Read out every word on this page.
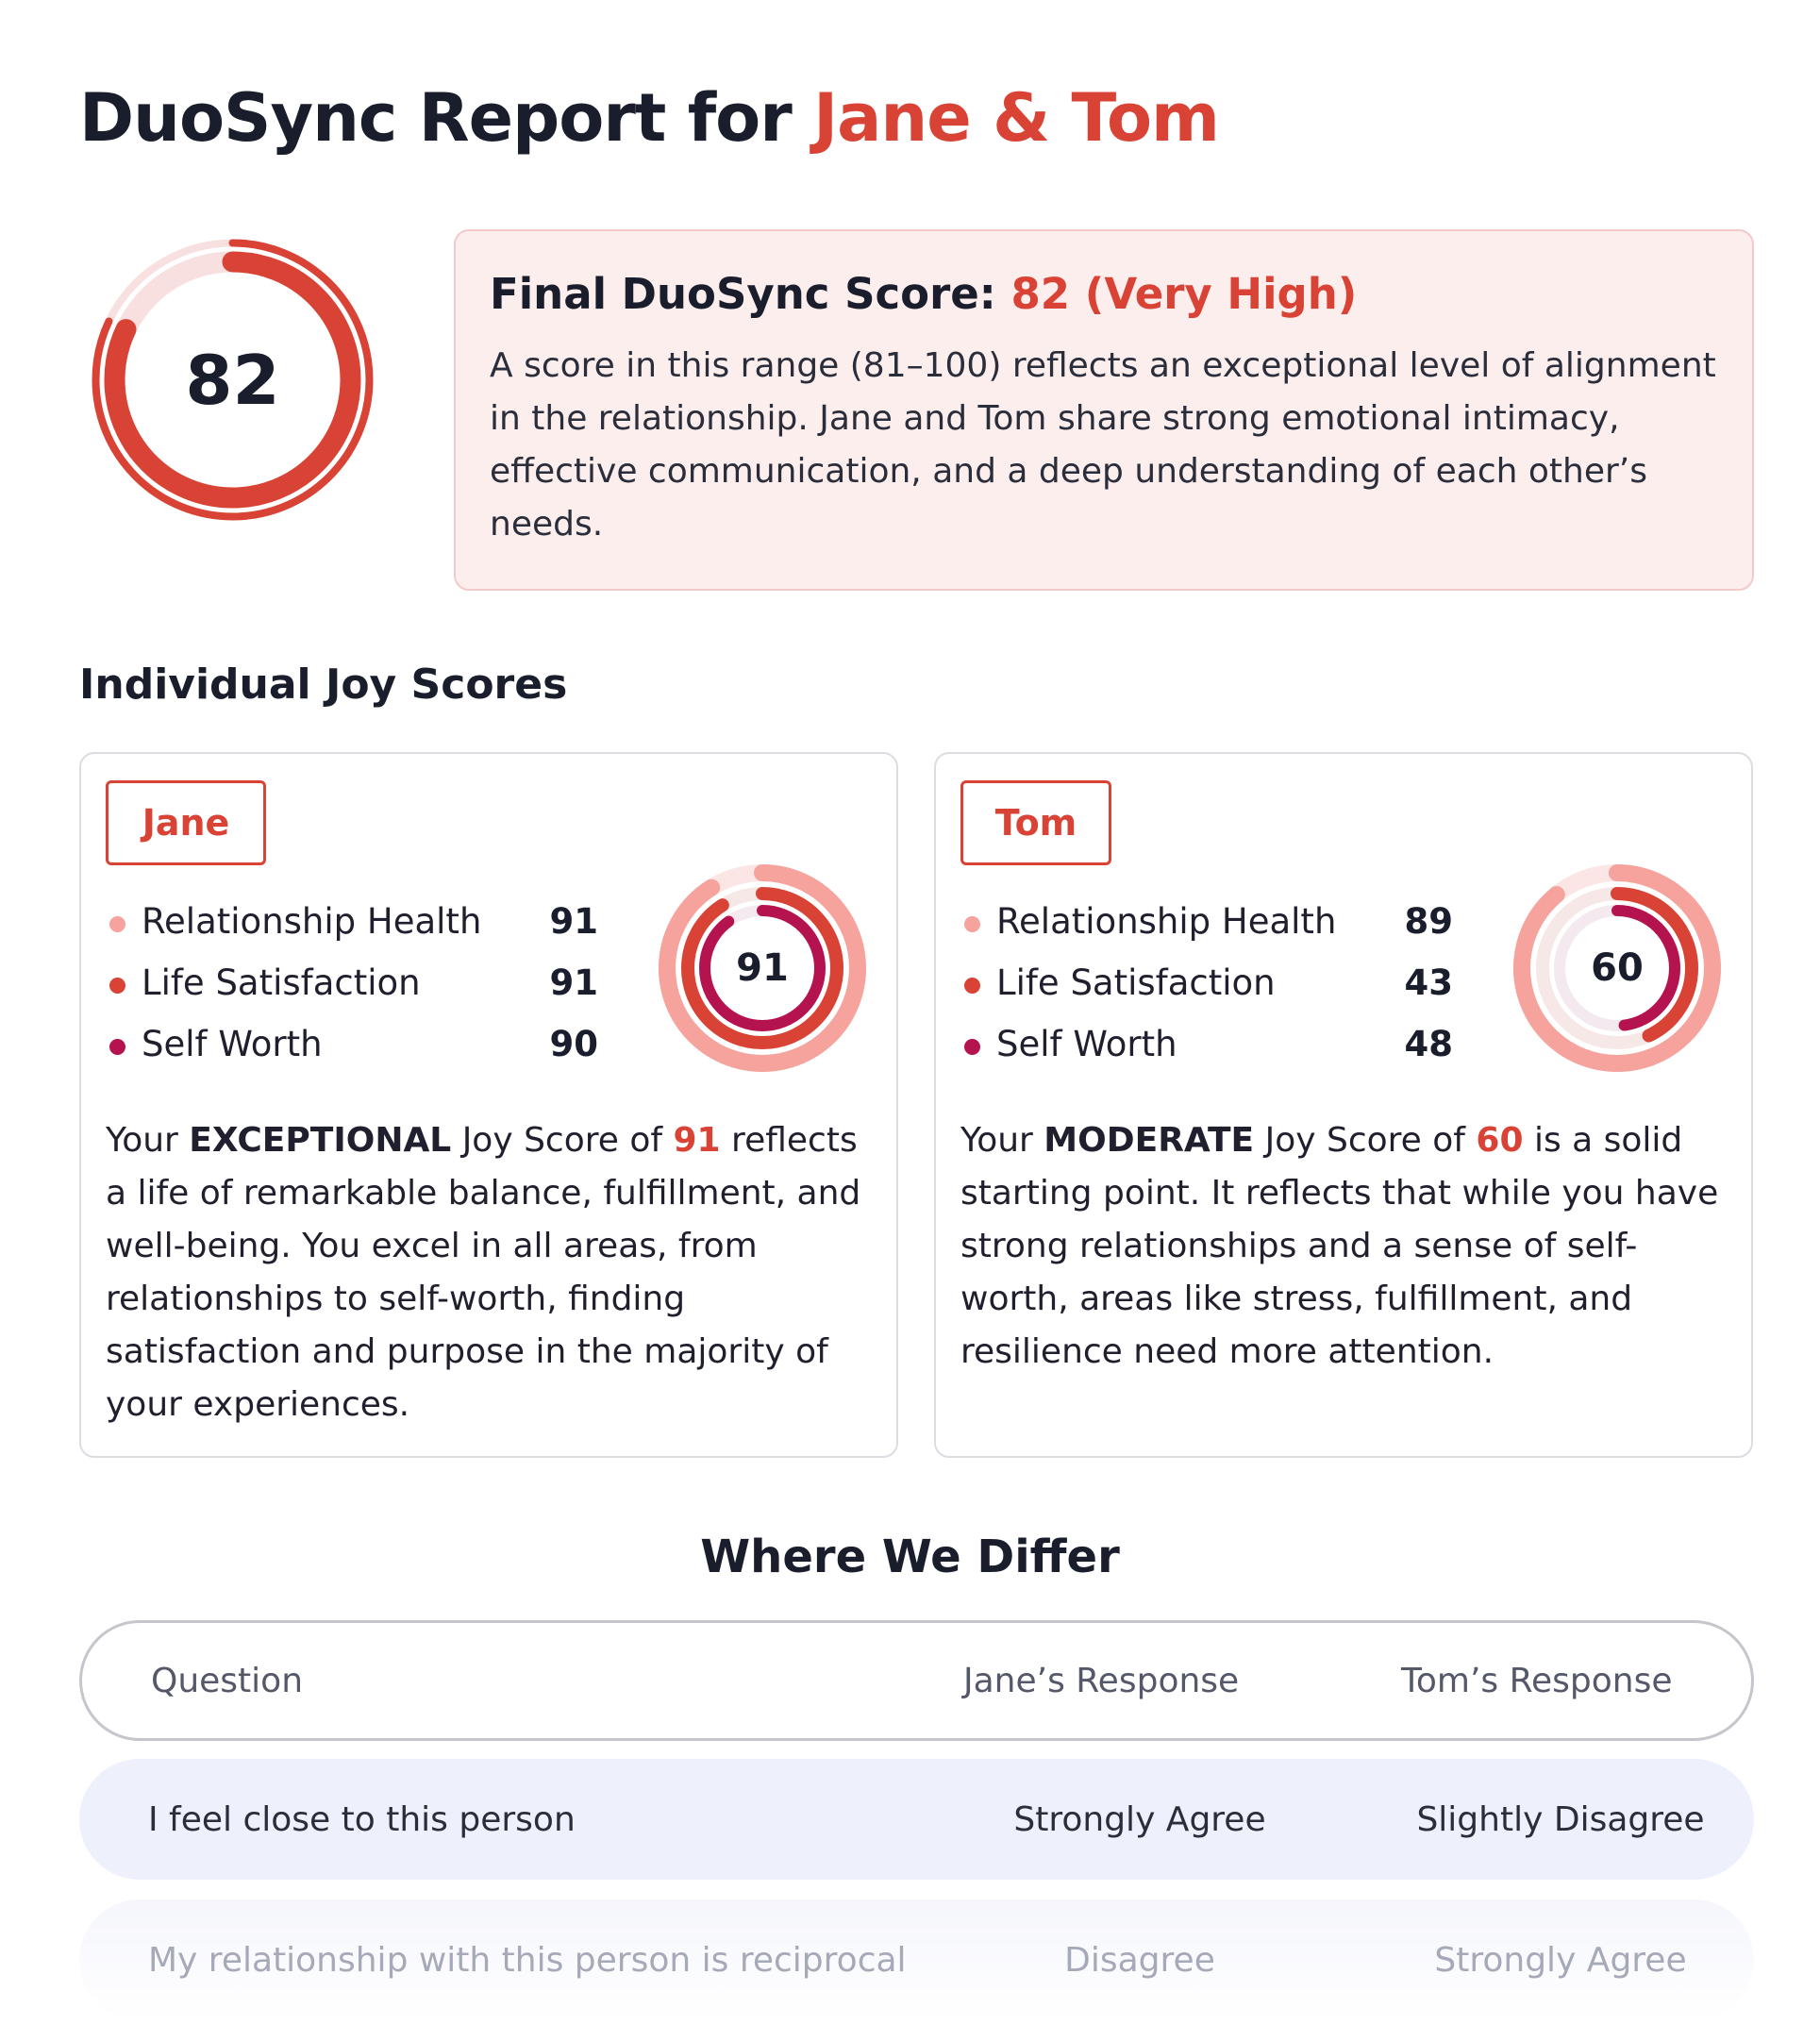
DuoSync Report for Jane & Tom
82
Final DuoSync Score: 82 (Very High)

A score in this range (81–100) reflects an exceptional level of alignment in the relationship. Jane and Tom share strong emotional intimacy, effective communication, and a deep understanding of each other’s needs.

Individual Joy Scores
Jane
Relationship Health	91
Life Satisfaction	91
Self Worth	90
91

Your EXCEPTIONAL Joy Score of 91 reflects a life of remarkable balance, fulfillment, and well-being. You excel in all areas, from relationships to self-worth, finding satisfaction and purpose in the majority of your experiences.

Tom
Relationship Health	89
Life Satisfaction	43
Self Worth	48
60

Your MODERATE Joy Score of 60 is a solid starting point. It reflects that while you have strong relationships and a sense of self-worth, areas like stress, fulfillment, and resilience need more attention.

Where We Differ
Question	Jane’s Response	Tom’s Response
I feel close to this person	Strongly Agree	Slightly Disagree
My relationship with this person is reciprocal	Disagree	Strongly Agree
